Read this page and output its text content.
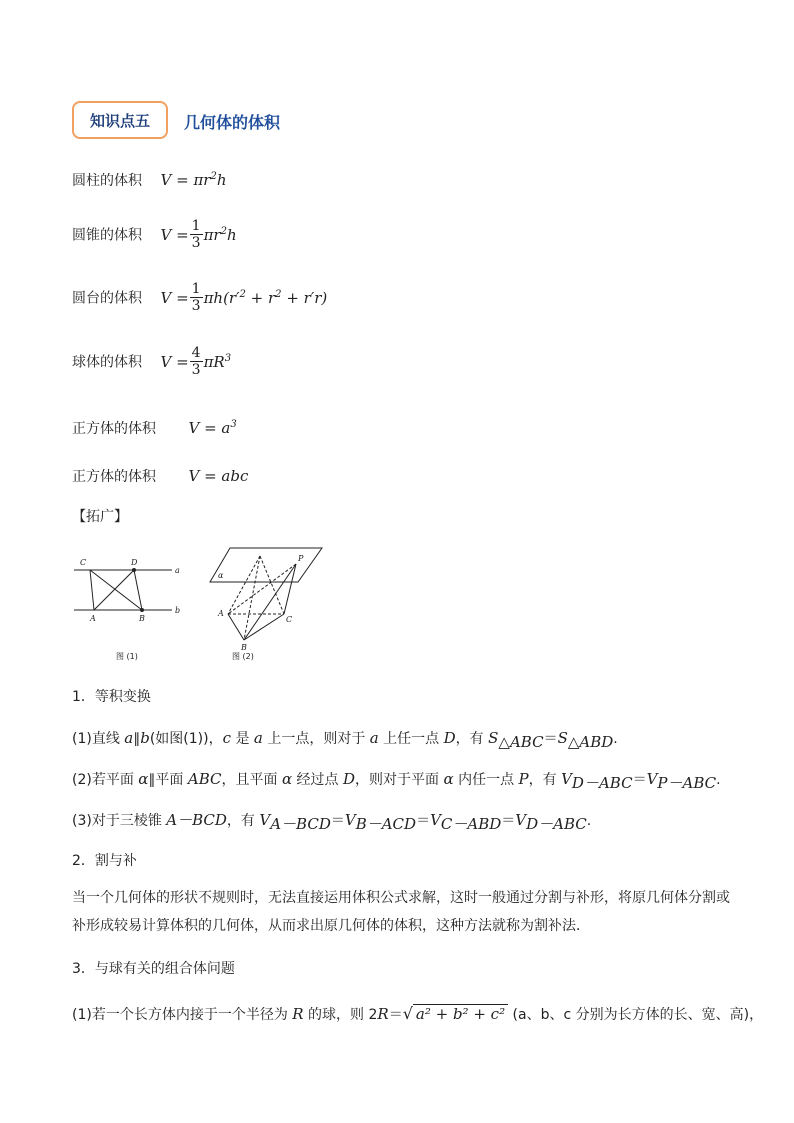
知识点五 几何体的体积
圆柱的体积 $V = \pi r^2h$
圆锥的体积 $V = \frac{1}{3} \pi r^2h$
圆台的体积 $V = \frac{1}{3} \pi h(r'^2 + r^2 + r'r)$
球体的体积 $V = \frac{4}{3} \pi R^3$
正方体的体积 $V = a^3$
正方体的体积 V = abc
【拓广】
C	D
a
A	B
b
图 (1)
P
α
A
B
C
图 (2)
1．等积变换
(1)直线 a∥b(如图(1))，c 是 a 上一点，则对于 a 上任一点 D，有 $S_{\triangle ABC}=S_{\triangle ABD}$.
(2)若平面 α∥平面 ABC，且平面 α 经过点 D，则对于平面 α 内任一点 P，有 $V_{D-ABC}=V_{P-ABC}$.
(3)对于三棱锥 A－BCD，有 $V_{A-BCD}=V_{B-ACD}=V_{C-ABD}=V_{D-ABC}$.
2．割与补
当一个几何体的形状不规则时，无法直接运用体积公式求解，这时一般通过分割与补形，将原几何体分割或补形成较易计算体积的几何体，从而求出原几何体的体积，这种方法就称为割补法．
3．与球有关的组合体问题
(1)若一个长方体内接于一个半径为 R 的球，则 2R＝√ a² + b² + c² (a、b、c 分别为长方体的长、宽、高)，
